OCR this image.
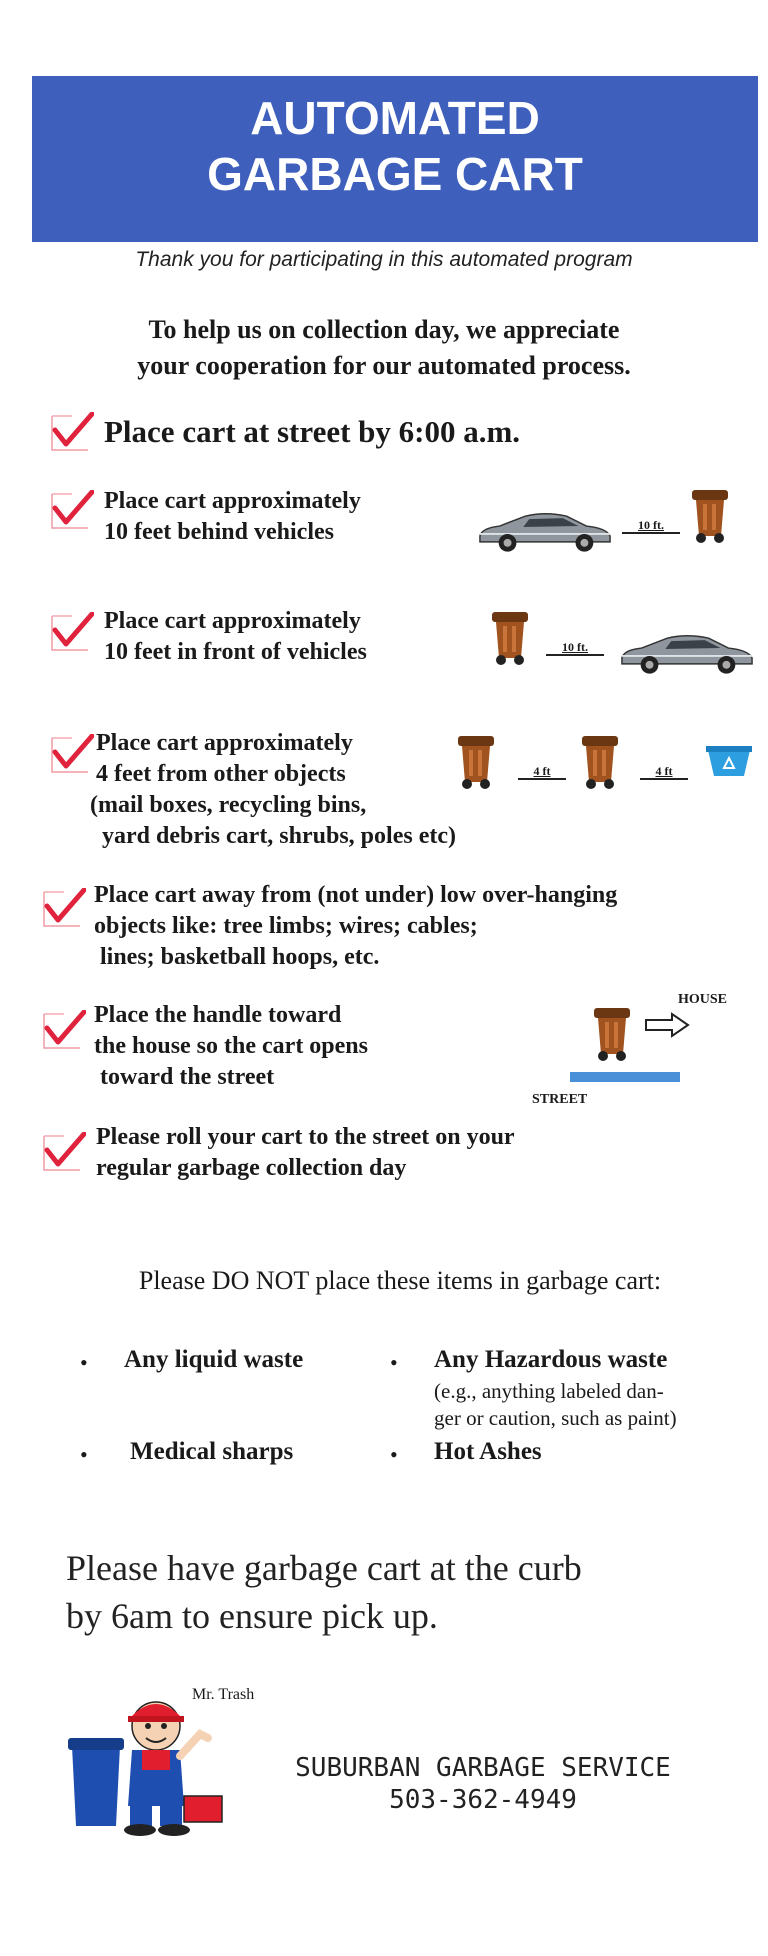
AUTOMATED
GARBAGE CART
Thank you for participating in this automated program
To help us on collection day, we appreciate
your cooperation for our automated process.
Place cart at street by 6:00 a.m.
Place cart approximately
10 feet behind vehicles	10 ft.
Place cart approximately
10 feet in front of vehicles	10 ft.
Place cart approximately
4 feet from other objects
(mail boxes, recycling bins,
yard debris cart, shrubs, poles etc)
4 ft	4 ft
Place cart away from (not under) low over-hanging
objects like: tree limbs; wires; cables;
lines; basketball hoops, etc.
Place the handle toward
the house so the cart opens
toward the street
HOUSE
STREET
Please roll your cart to the street on your
regular garbage collection day
Please DO NOT place these items in garbage cart:
• Any liquid waste	• Any Hazardous waste
(e.g., anything labeled dan-
ger or caution, such as paint)
• Medical sharps	• Hot Ashes
Please have garbage cart at the curb
by 6am to ensure pick up.
Mr. Trash
SUBURBAN GARBAGE SERVICE
503-362-4949
